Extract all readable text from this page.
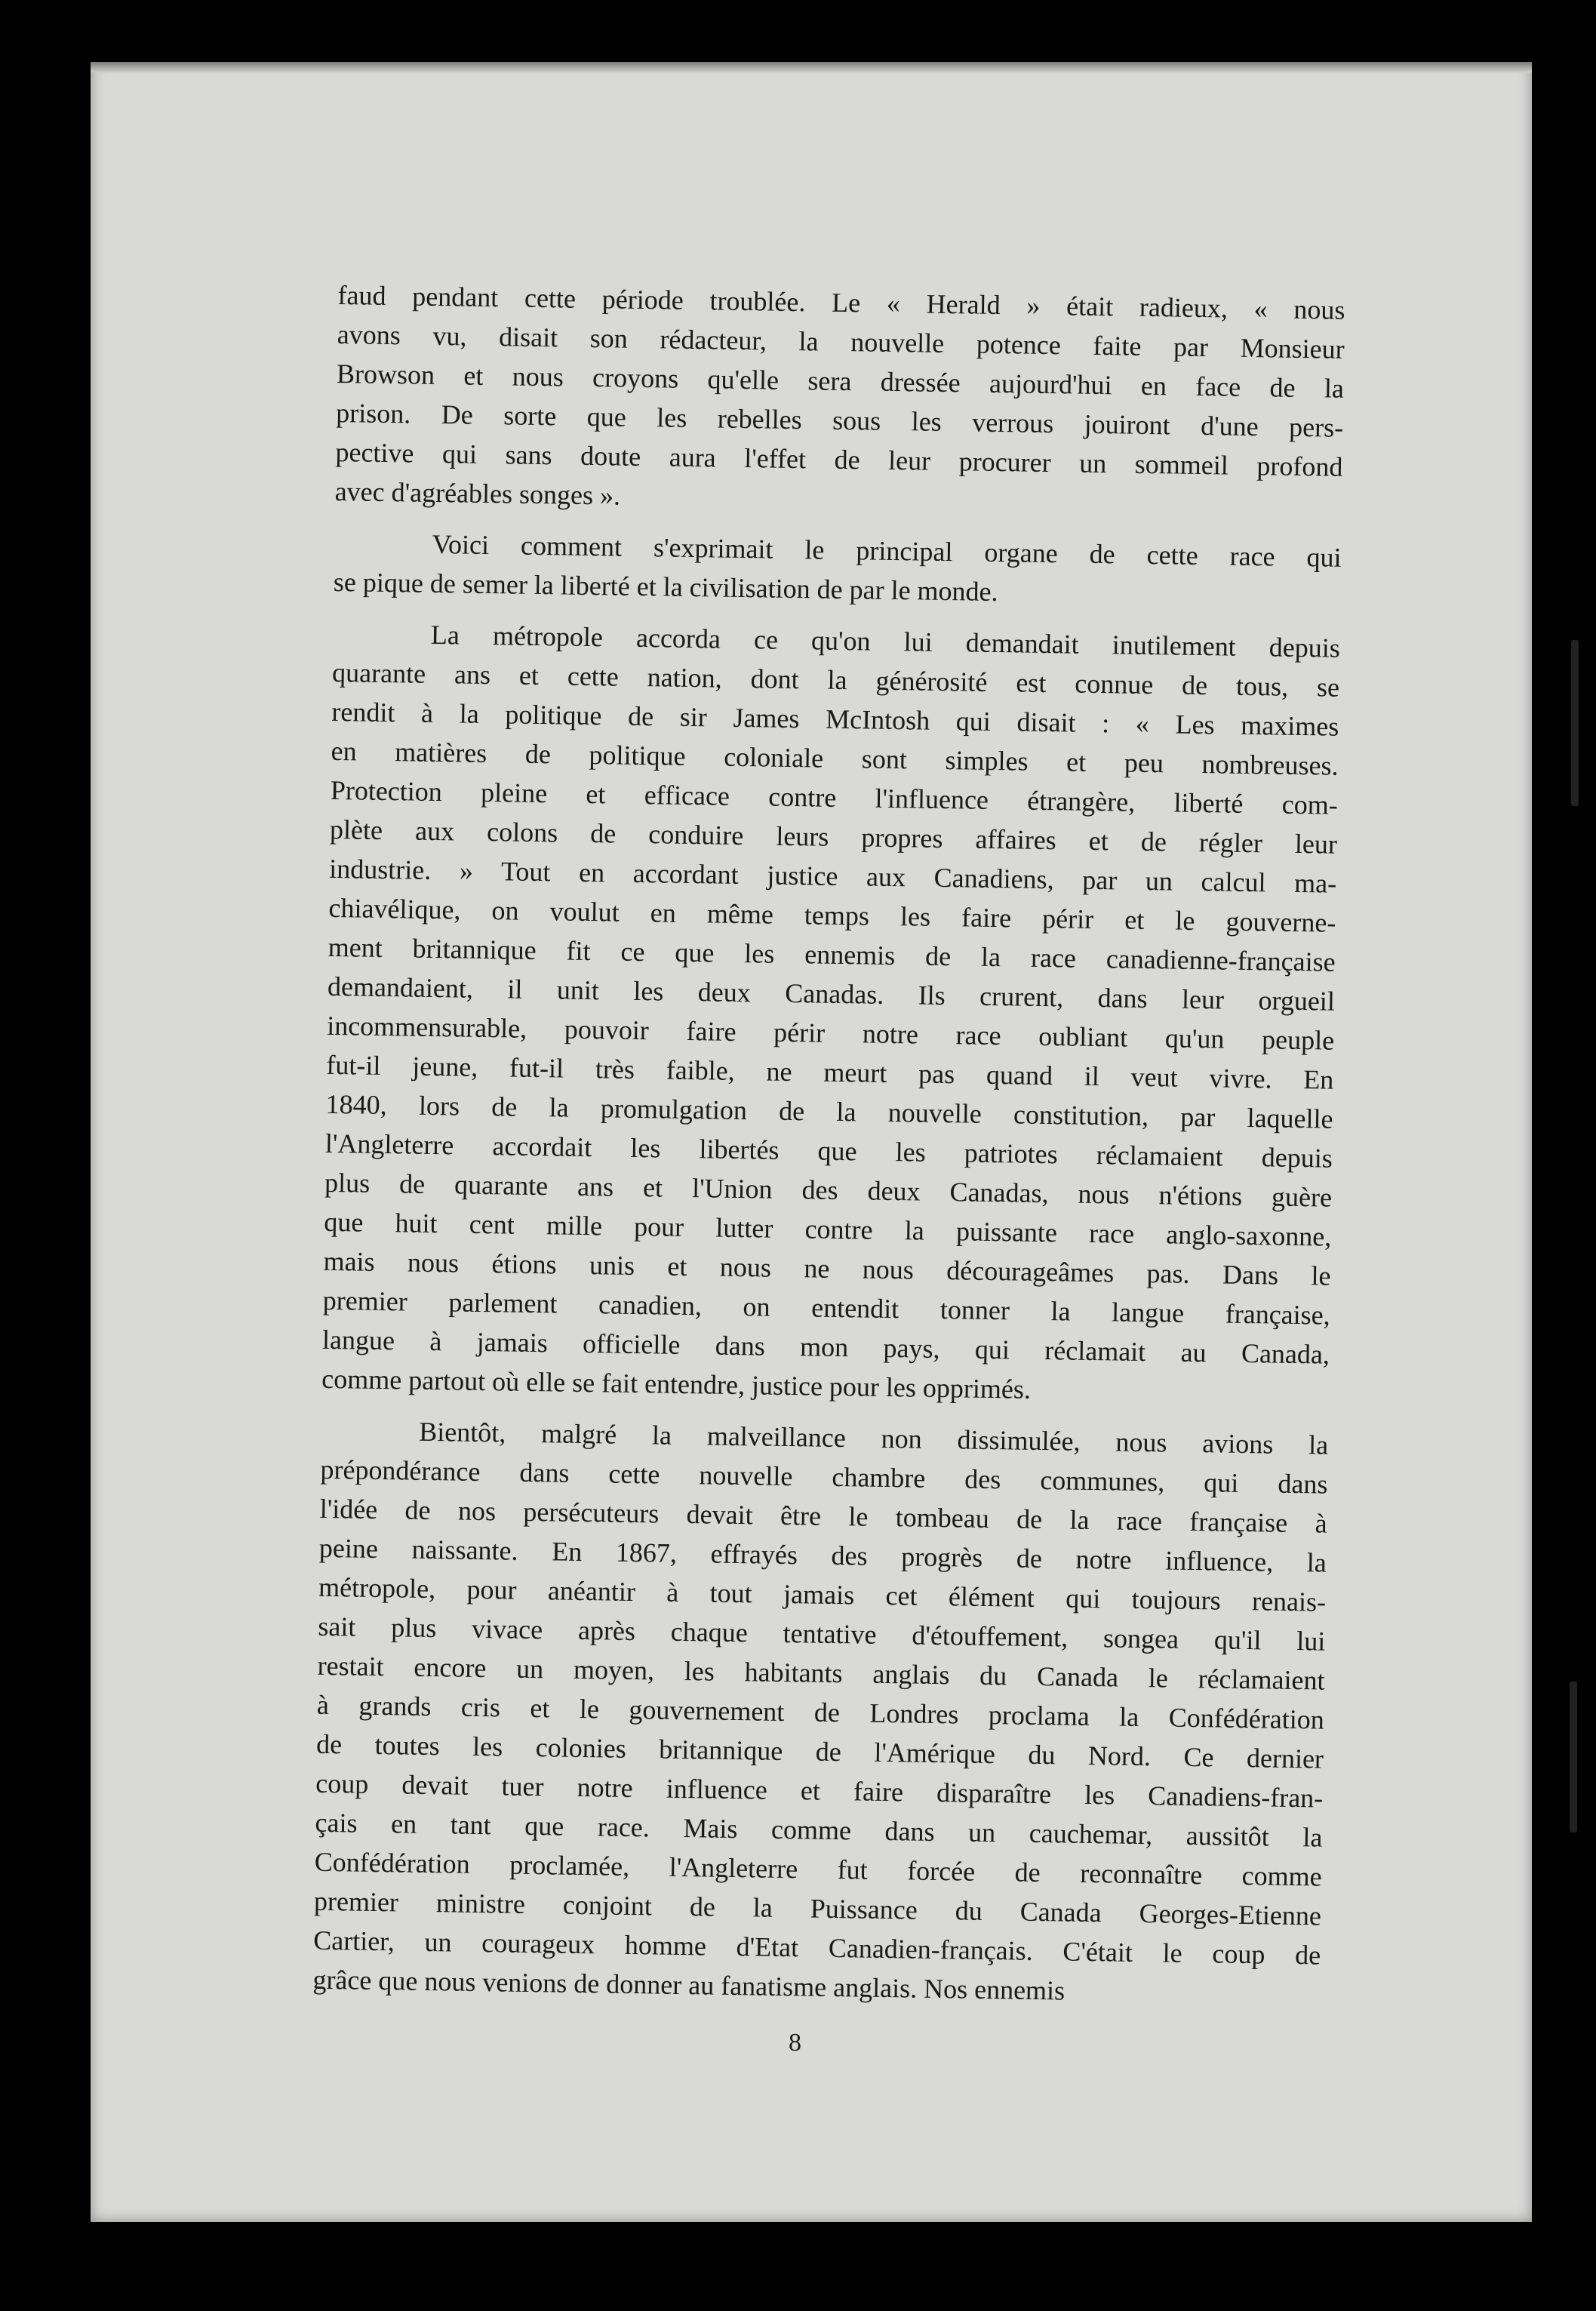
faud pendant cette période troublée. Le « Herald » était radieux, « nous
avons vu, disait son rédacteur, la nouvelle potence faite par Monsieur
Browson et nous croyons qu'elle sera dressée aujourd'hui en face de la
prison. De sorte que les rebelles sous les verrous jouiront d'une pers-
pective qui sans doute aura l'effet de leur procurer un sommeil profond
avec d'agréables songes ».
Voici comment s'exprimait le principal organe de cette race qui
se pique de semer la liberté et la civilisation de par le monde.
La métropole accorda ce qu'on lui demandait inutilement depuis
quarante ans et cette nation, dont la générosité est connue de tous, se
rendit à la politique de sir James McIntosh qui disait : « Les maximes
en matières de politique coloniale sont simples et peu nombreuses.
Protection pleine et efficace contre l'influence étrangère, liberté com-
plète aux colons de conduire leurs propres affaires et de régler leur
industrie. » Tout en accordant justice aux Canadiens, par un calcul ma-
chiavélique, on voulut en même temps les faire périr et le gouverne-
ment britannique fit ce que les ennemis de la race canadienne-française
demandaient, il unit les deux Canadas. Ils crurent, dans leur orgueil
incommensurable, pouvoir faire périr notre race oubliant qu'un peuple
fut-il jeune, fut-il très faible, ne meurt pas quand il veut vivre. En
1840, lors de la promulgation de la nouvelle constitution, par laquelle
l'Angleterre accordait les libertés que les patriotes réclamaient depuis
plus de quarante ans et l'Union des deux Canadas, nous n'étions guère
que huit cent mille pour lutter contre la puissante race anglo-saxonne,
mais nous étions unis et nous ne nous décourageâmes pas. Dans le
premier parlement canadien, on entendit tonner la langue française,
langue à jamais officielle dans mon pays, qui réclamait au Canada,
comme partout où elle se fait entendre, justice pour les opprimés.
Bientôt, malgré la malveillance non dissimulée, nous avions la
prépondérance dans cette nouvelle chambre des communes, qui dans
l'idée de nos persécuteurs devait être le tombeau de la race française à
peine naissante. En 1867, effrayés des progrès de notre influence, la
métropole, pour anéantir à tout jamais cet élément qui toujours renais-
sait plus vivace après chaque tentative d'étouffement, songea qu'il lui
restait encore un moyen, les habitants anglais du Canada le réclamaient
à grands cris et le gouvernement de Londres proclama la Confédération
de toutes les colonies britannique de l'Amérique du Nord. Ce dernier
coup devait tuer notre influence et faire disparaître les Canadiens-fran-
çais en tant que race. Mais comme dans un cauchemar, aussitôt la
Confédération proclamée, l'Angleterre fut forcée de reconnaître comme
premier ministre conjoint de la Puissance du Canada Georges-Etienne
Cartier, un courageux homme d'Etat Canadien-français. C'était le coup de
grâce que nous venions de donner au fanatisme anglais. Nos ennemis
8
